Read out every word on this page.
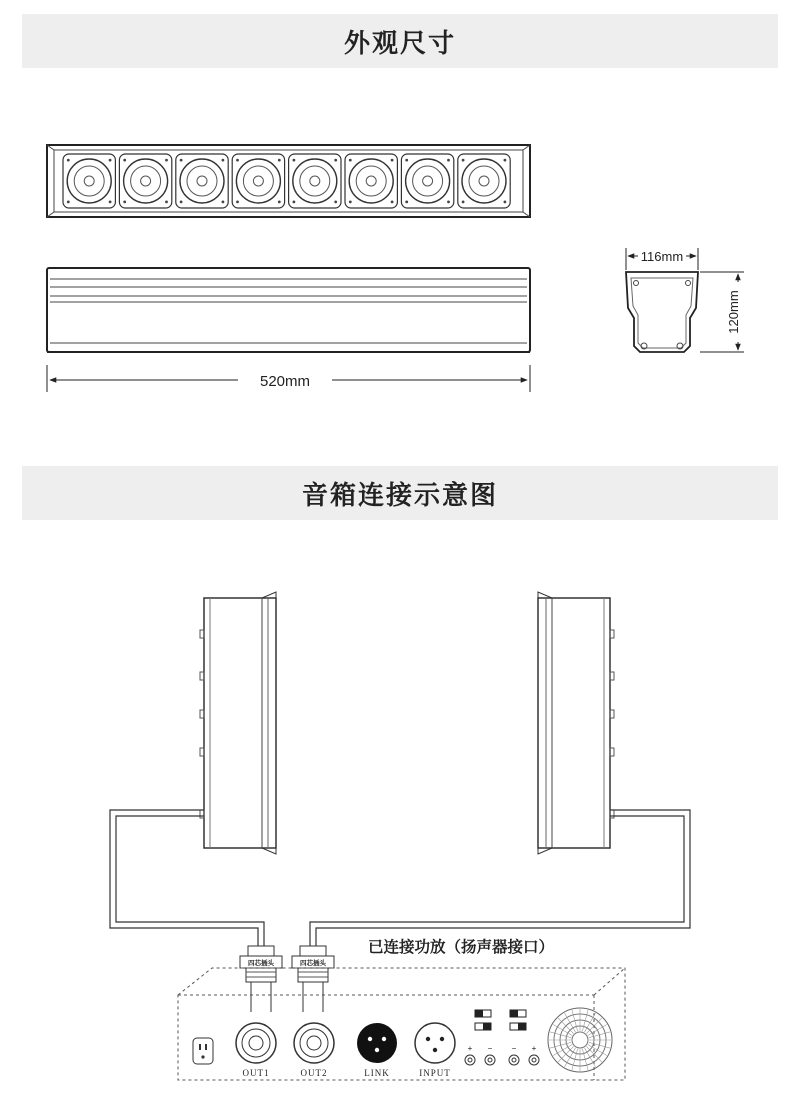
外观尺寸
音箱连接示意图
520mm
116mm
120mm
四芯插头	四芯插头
已连接功放（扬声器接口）
OUT1	OUT2	LINK	INPUT
+ − − +
